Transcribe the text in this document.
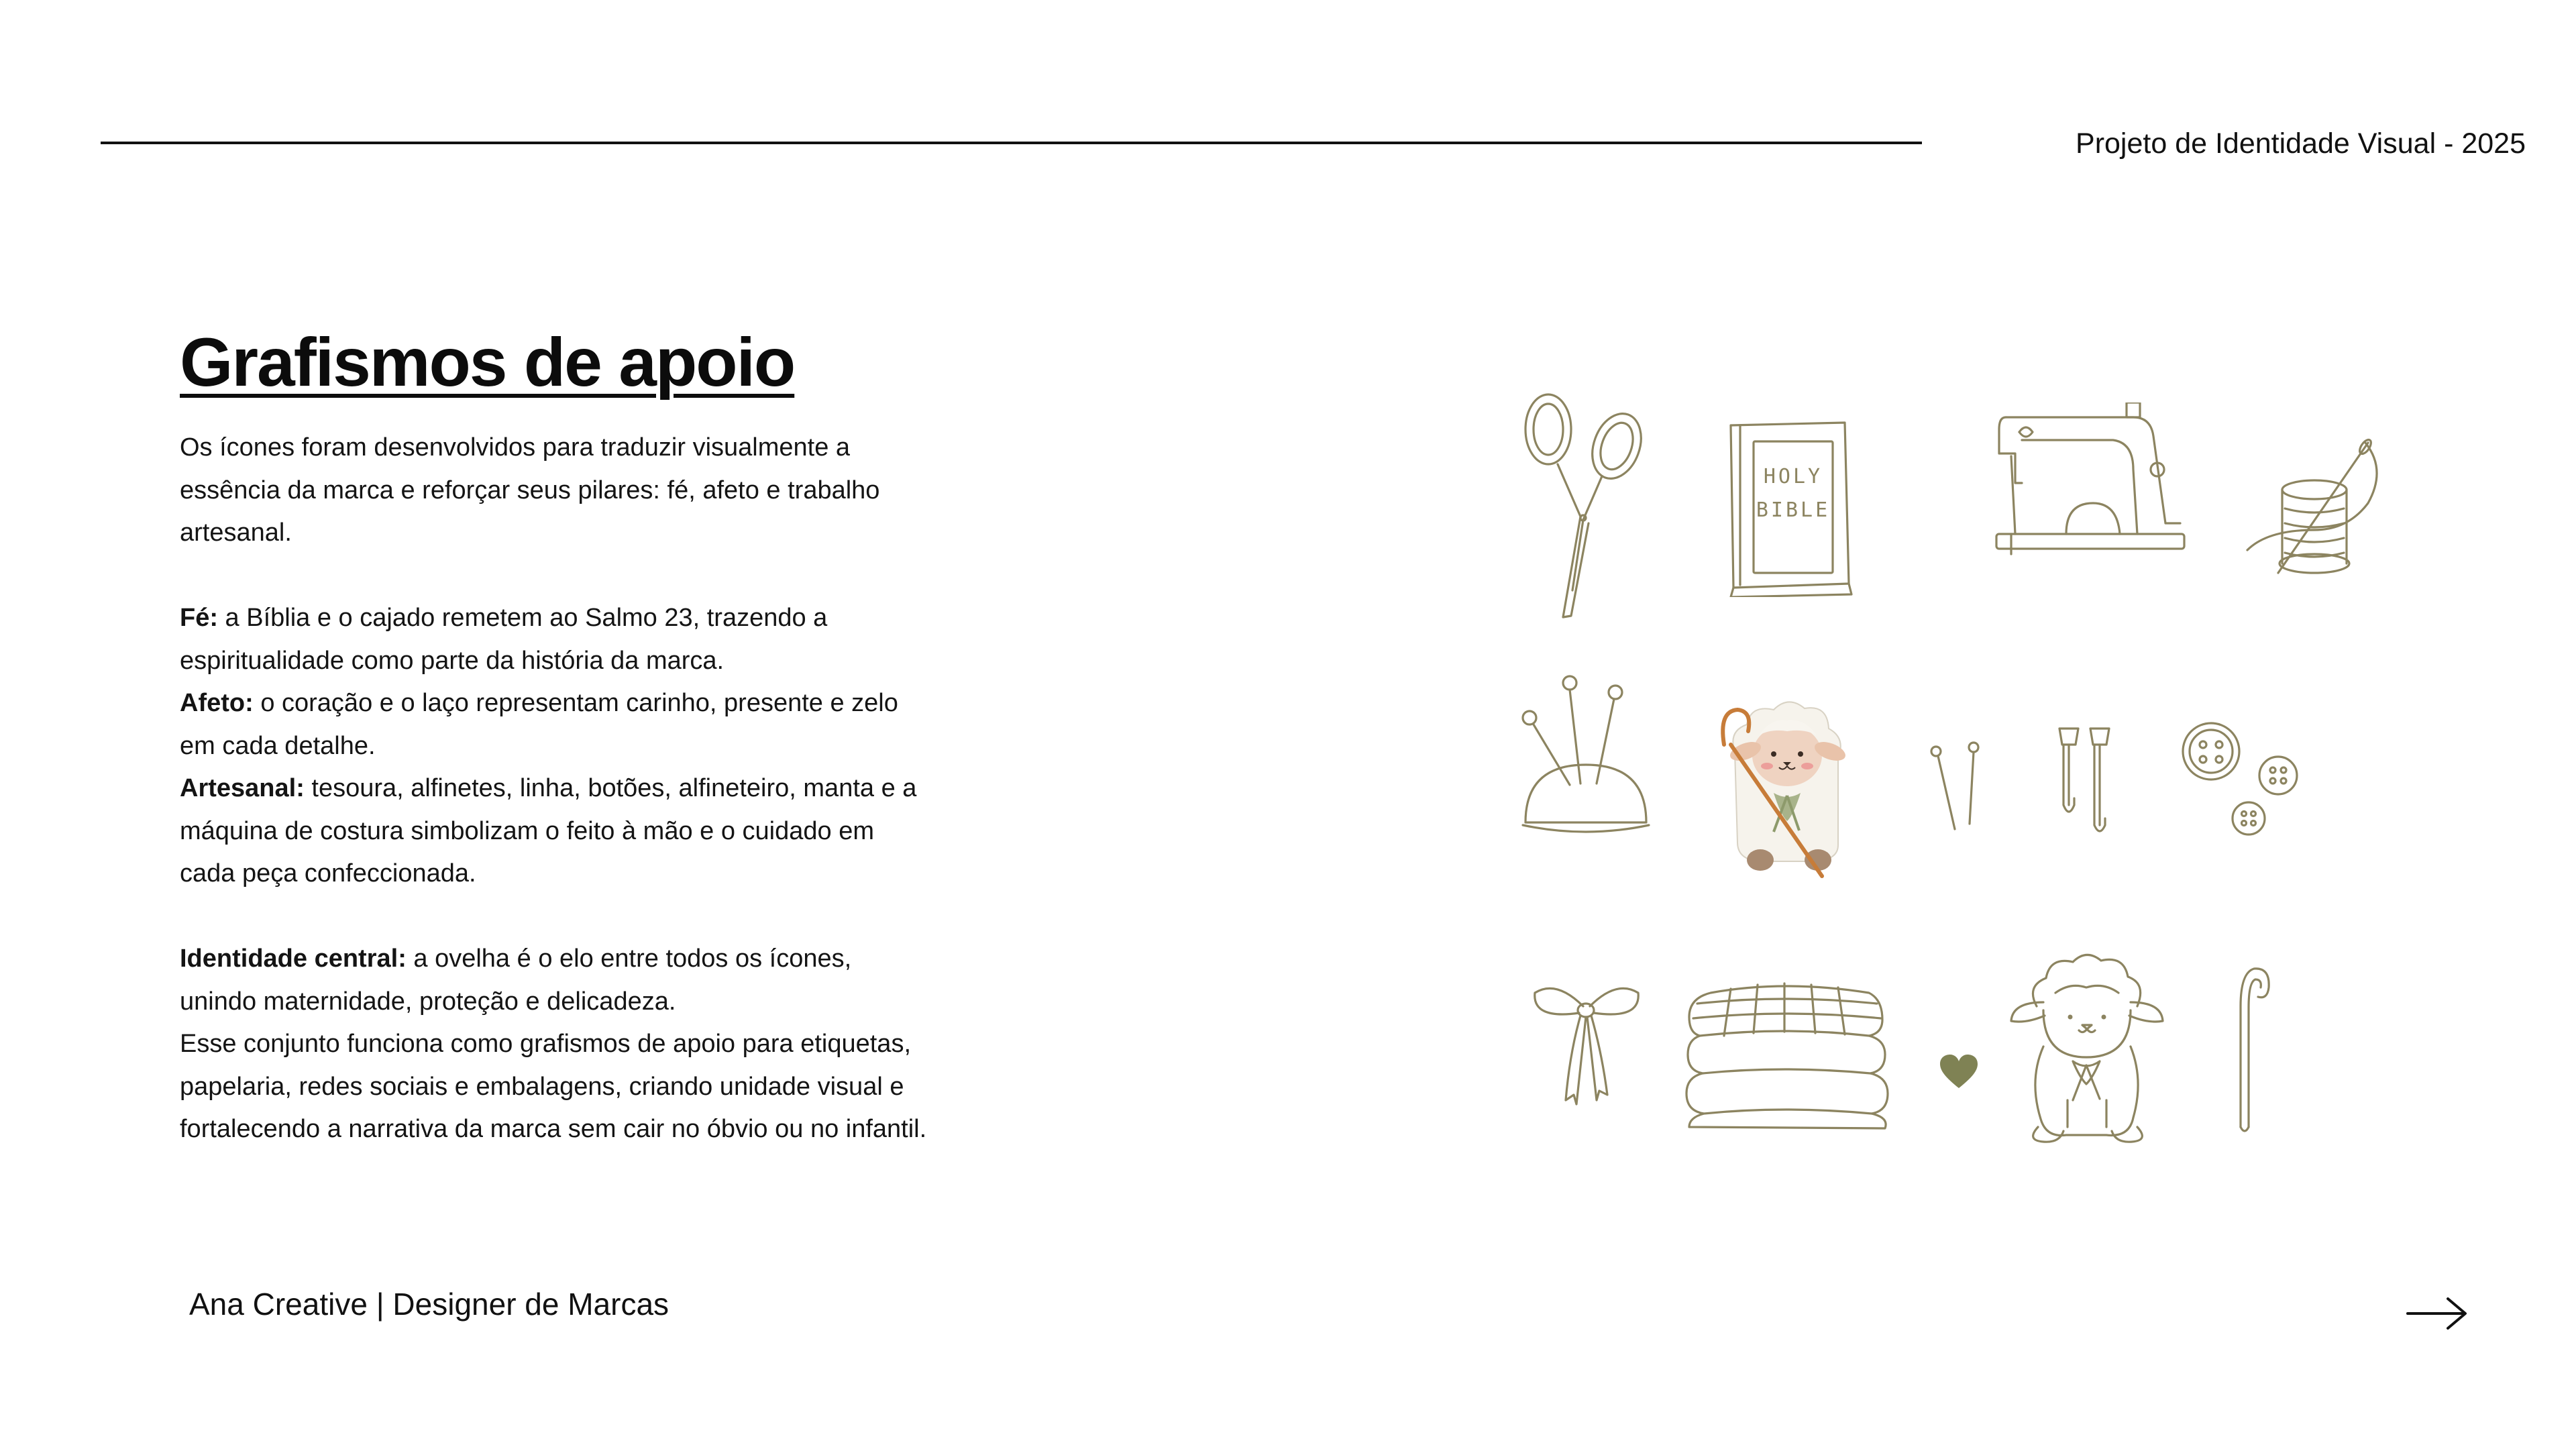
Projeto de Identidade Visual - 2025
Grafismos de apoio

Os ícones foram desenvolvidos para traduzir visualmente a essência da marca e reforçar seus pilares: fé, afeto e trabalho artesanal.

Fé: a Bíblia e o cajado remetem ao Salmo 23, trazendo a espiritualidade como parte da história da marca.

Afeto: o coração e o laço representam carinho, presente e zelo em cada detalhe.

Artesanal: tesoura, alfinetes, linha, botões, alfineteiro, manta e a máquina de costura simbolizam o feito à mão e o cuidado em cada peça confeccionada.

Identidade central: a ovelha é o elo entre todos os ícones, unindo maternidade, proteção e delicadeza.

Esse conjunto funciona como grafismos de apoio para etiquetas, papelaria, redes sociais e embalagens, criando unidade visual e fortalecendo a narrativa da marca sem cair no óbvio ou no infantil.

HOLY
BIBLE
Ana Creative | Designer de Marcas
